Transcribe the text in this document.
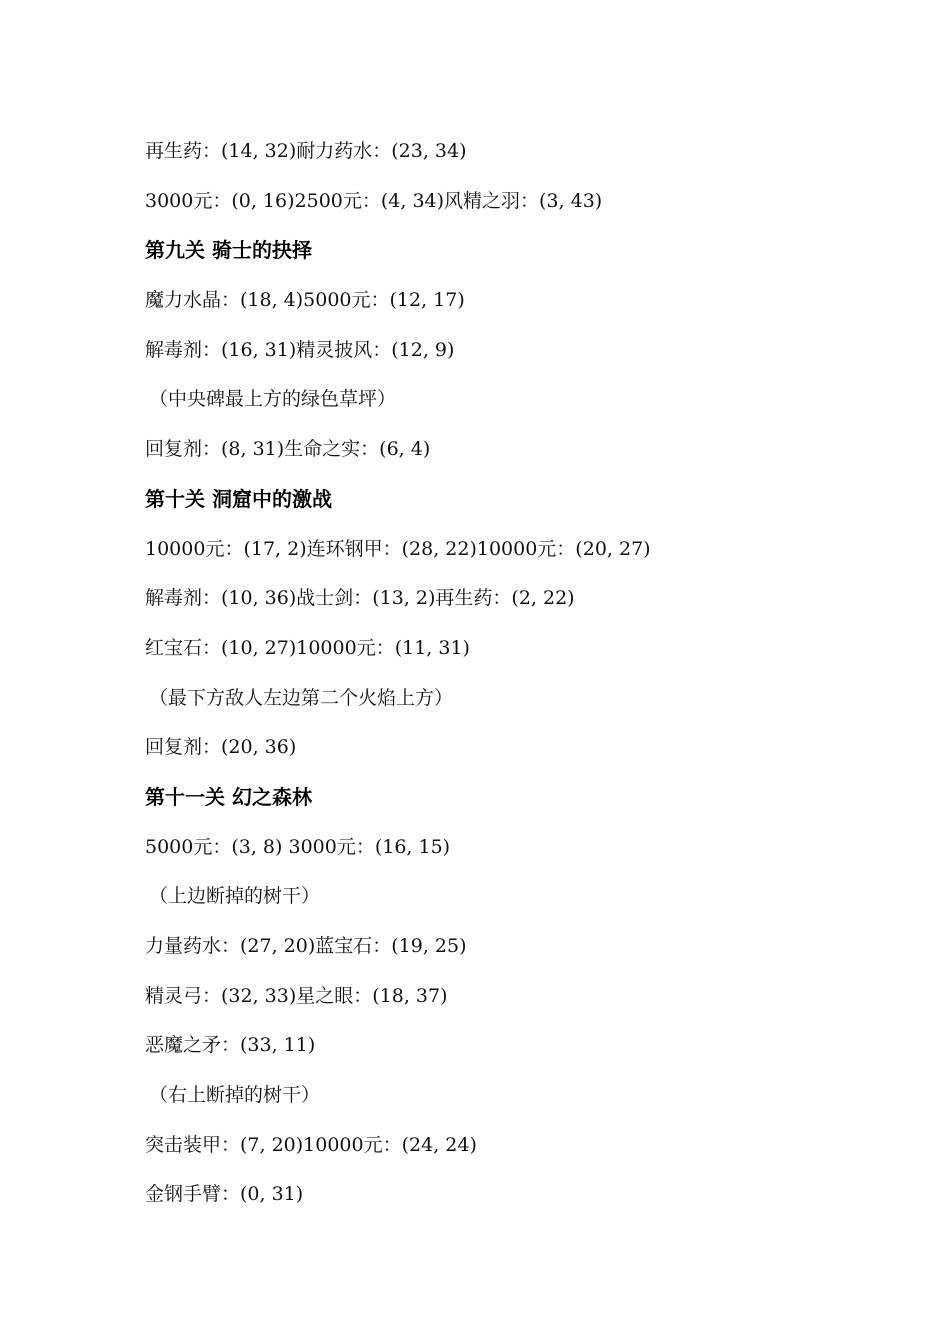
再生药：(14, 32)耐力药水：(23, 34)
3000元：(0, 16)2500元：(4, 34)风精之羽：(3, 43)
第九关 骑士的抉择
魔力水晶：(18, 4)5000元：(12, 17)
解毒剂：(16, 31)精灵披风：(12, 9)
（中央碑最上方的绿色草坪）
回复剂：(8, 31)生命之实：(6, 4)
第十关 洞窟中的激战
10000元：(17, 2)连环钢甲：(28, 22)10000元：(20, 27)
解毒剂：(10, 36)战士剑：(13, 2)再生药：(2, 22)
红宝石：(10, 27)10000元：(11, 31)
（最下方敌人左边第二个火焰上方）
回复剂：(20, 36)
第十一关 幻之森林
5000元：(3, 8) 3000元：(16, 15)
（上边断掉的树干）
力量药水：(27, 20)蓝宝石：(19, 25)
精灵弓：(32, 33)星之眼：(18, 37)
恶魔之矛：(33, 11)
（右上断掉的树干）
突击装甲：(7, 20)10000元：(24, 24)
金钢手臂：(0, 31)
